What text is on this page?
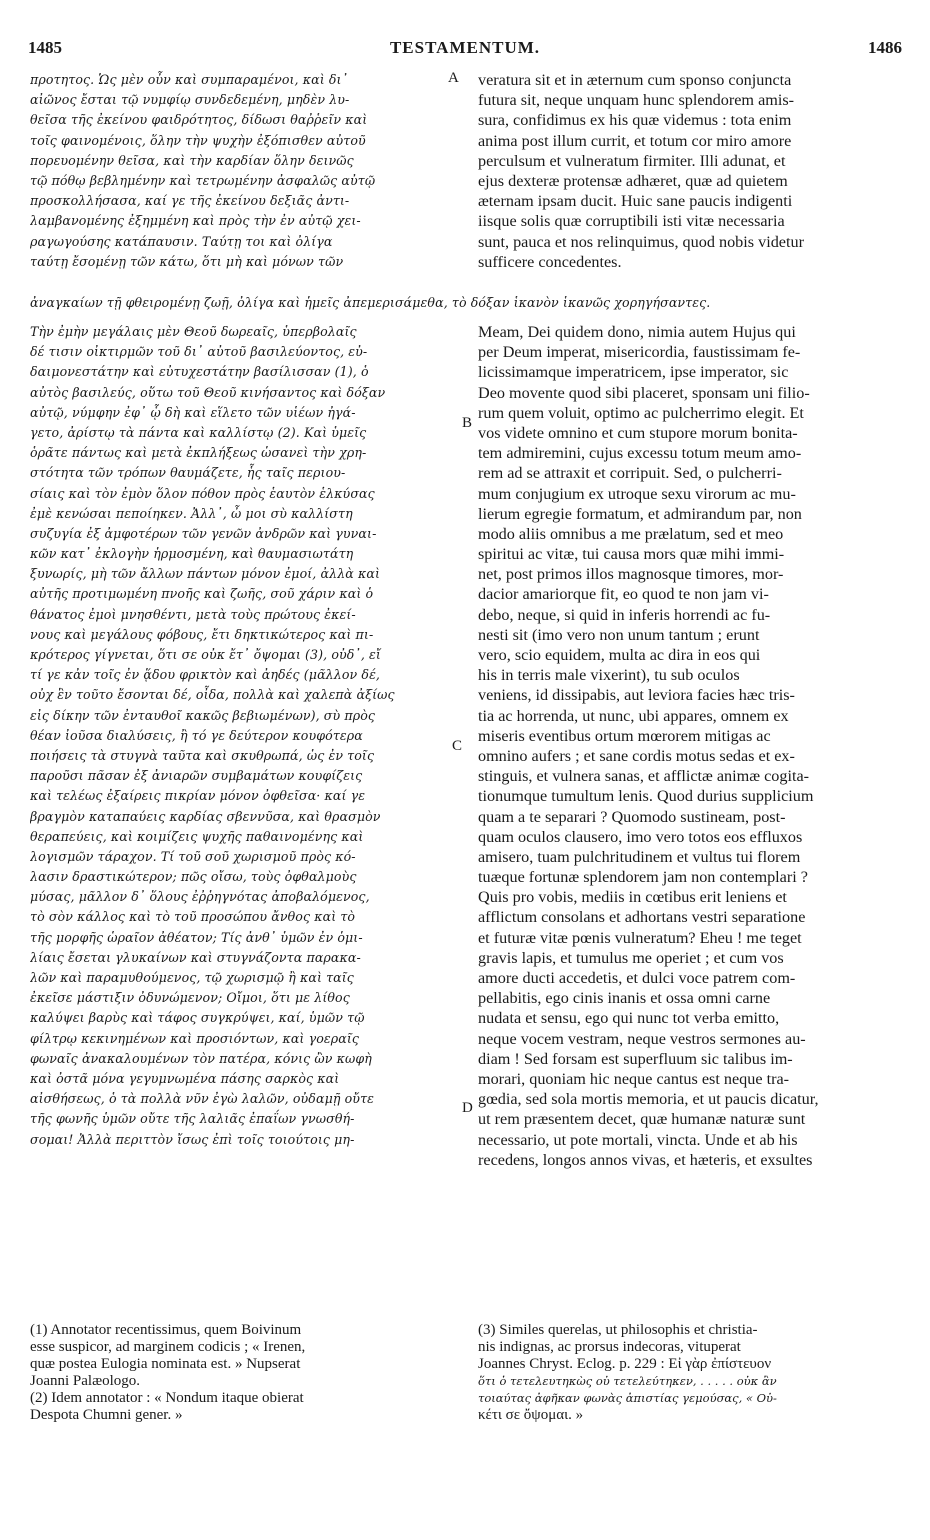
1485	TESTAMENTUM.	1486
προτητος. Ὡς μὲν οὖν καὶ συμπαραμένοι, καὶ δι᾽
αἰῶνος ἔσται τῷ νυμφίῳ συνδεδεμένη, μηδὲν λυ-
θεῖσα τῆς ἐκείνου φαιδρότητος, δίδωσι θαῤῥεῖν καὶ
τοῖς φαινομένοις, ὅλην τὴν ψυχὴν ἐξόπισθεν αὐτοῦ
πορευομένην θεῖσα, καὶ τὴν καρδίαν ὅλην δεινῶς
τῷ πόθῳ βεβλημένην καὶ τετρωμένην ἀσφαλῶς αὐτῷ
προσκολλήσασα, καί γε τῆς ἐκείνου δεξιᾶς ἀντι-
λαμβανομένης ἐξημμένη καὶ πρὸς τὴν ἐν αὐτῷ χει-
ραγωγούσης κατάπαυσιν. Ταύτῃ τοι καὶ ὀλίγα
ταύτῃ ἔσομένῃ τῶν κάτω, ὅτι μὴ καὶ μόνων τῶν
veratura sit et in æternum cum sponso conjuncta
futura sit, neque unquam hunc splendorem amis-
sura, confidimus ex his quæ videmus : tota enim
anima post illum currit, et totum cor miro amore
perculsum et vulneratum firmiter. Illi adunat, et
ejus dexteræ protensæ adhæret, quæ ad quietem
æternam ipsam ducit. Huic sane paucis indigenti
iisque solis quæ corruptibili isti vitæ necessaria
sunt, pauca et nos relinquimus, quod nobis videtur
sufficere concedentes.
ἀναγκαίων τῇ φθειρομένῃ ζωῇ, ὀλίγα καὶ ἡμεῖς ἀπεμερισάμεθα, τὸ δόξαν ἱκανὸν ἱκανῶς χορηγήσαντες.
Τὴν ἐμὴν μεγάλαις μὲν Θεοῦ δωρεαῖς, ὑπερβολαῖς
δέ τισιν οἰκτιρμῶν τοῦ δι᾽ αὐτοῦ βασιλεύοντος, εὐ-
δαιμονεστάτην καὶ εὐτυχεστάτην βασίλισσαν (1), ὁ
αὐτὸς βασιλεύς, οὕτω τοῦ Θεοῦ κινήσαντος καὶ δόξαν
αὐτῷ, νύμφην ἐφ᾽ ᾧ δὴ καὶ εἵλετο τῶν υἱέων ἠγά-
γετο, ἀρίστῳ τὰ πάντα καὶ καλλίστῳ (2). Καὶ ὑμεῖς
ὁρᾶτε πάντως καὶ μετὰ ἐκπλήξεως ὡσανεὶ τὴν χρη-
στότητα τῶν τρόπων θαυμάζετε, ἧς ταῖς περιου-
σίαις καὶ τὸν ἐμὸν ὅλον πόθον πρὸς ἑαυτὸν ἑλκύσας
ἐμὲ κενώσαι πεποίηκεν. Ἀλλ᾽, ὦ μοι σὺ καλλίστη
συζυγία ἐξ ἀμφοτέρων τῶν γενῶν ἀνδρῶν καὶ γυναι-
κῶν κατ᾽ ἐκλογὴν ἡρμοσμένη, καὶ θαυμασιωτάτη
ξυνωρίς, μὴ τῶν ἄλλων πάντων μόνον ἐμοί, ἀλλὰ καὶ
αὐτῆς προτιμωμένη πνοῆς καὶ ζωῆς, σοῦ χάριν καὶ ὁ
θάνατος ἐμοὶ μνησθέντι, μετὰ τοὺς πρώτους ἐκεί-
νους καὶ μεγάλους φόβους, ἔτι δηκτικώτερος καὶ πι-
κρότερος γίγνεται, ὅτι σε οὐκ ἔτ᾽ ὄψομαι (3), οὐδ᾽, εἴ
τί γε κἀν τοῖς ἐν ᾅδου φρικτὸν καὶ ἀηδές (μᾶλλον δέ,
οὐχ ἓν τοῦτο ἔσονται δέ, οἶδα, πολλὰ καὶ χαλεπὰ ἀξίως
εἰς δίκην τῶν ἐνταυθοῖ κακῶς βεβιωμένων), σὺ πρὸς
θέαν ἰοῦσα διαλύσεις, ἢ τό γε δεύτερον κουφότερα
ποιήσεις τὰ στυγνὰ ταῦτα καὶ σκυθρωπά, ὡς ἐν τοῖς
παροῦσι πᾶσαν ἐξ ἀνιαρῶν συμβαμάτων κουφίζεις
καὶ τελέως ἐξαίρεις πικρίαν μόνον ὀφθεῖσα· καί γε
βραγμὸν καταπαύεις καρδίας σβεννῦσα, καὶ θρασμὸν
θεραπεύεις, καὶ κοιμίζεις ψυχῆς παθαινομένης καὶ
λογισμῶν τάραχον. Τί τοῦ σοῦ χωρισμοῦ πρὸς κό-
λασιν δραστικώτερον; πῶς οἴσω, τοὺς ὀφθαλμοὺς
μύσας, μᾶλλον δ᾽ ὅλους ἐῤῥηγνότας ἀποβαλόμενος,
τὸ σὸν κάλλος καὶ τὸ τοῦ προσώπου ἄνθος καὶ τὸ
τῆς μορφῆς ὡραῖον ἀθέατον; Τίς ἀνθ᾽ ὑμῶν ἐν ὁμι-
λίαις ἔσεται γλυκαίνων καὶ στυγνάζοντα παρακα-
λῶν καὶ παραμυθούμενος, τῷ χωρισμῷ ἢ καὶ ταῖς
ἐκεῖσε μάστιξιν ὀδυνώμενον; Οἴμοι, ὅτι με λίθος
καλύψει βαρὺς καὶ τάφος συγκρύψει, καί, ὑμῶν τῷ
φίλτρῳ κεκινημένων καὶ προσιόντων, καὶ γοεραῖς
φωναῖς ἀνακαλουμένων τὸν πατέρα, κόνις ὢν κωφὴ
καὶ ὀστᾶ μόνα γεγυμνωμένα πάσης σαρκὸς καὶ
αἰσθήσεως, ὁ τὰ πολλὰ νῦν ἐγὼ λαλῶν, οὐδαμῇ οὔτε
τῆς φωνῆς ὑμῶν οὔτε τῆς λαλιᾶς ἐπαΐων γνωσθή-
σομαι! Ἀλλὰ περιττὸν ἴσως ἐπὶ τοῖς τοιούτοις μη-
Meam, Dei quidem dono, nimia autem Hujus qui
per Deum imperat, misericordia, faustissimam fe-
licissimamque imperatricem, ipse imperator, sic
Deo movente quod sibi placeret, sponsam uni filio-
rum quem voluit, optimo ac pulcherrimo elegit. Et
vos videte omnino et cum stupore morum bonita-
tem admiremini, cujus excessu totum meum amo-
rem ad se attraxit et corripuit. Sed, o pulcherri-
mum conjugium ex utroque sexu virorum ac mu-
lierum egregie formatum, et admirandum par, non
modo aliis omnibus a me prælatum, sed et meo
spiritui ac vitæ, tui causa mors quæ mihi immi-
net, post primos illos magnosque timores, mor-
dacior amariorque fit, eo quod te non jam vi-
debo, neque, si quid in inferis horrendi ac fu-
nesti sit (imo vero non unum tantum ; erunt
vero, scio equidem, multa ac dira in eos qui
his in terris male vixerint), tu sub oculos
veniens, id dissipabis, aut leviora facies hæc tris-
tia ac horrenda, ut nunc, ubi appares, omnem ex
miseris eventibus ortum mœrorem mitigas ac
omnino aufers ; et sane cordis motus sedas et ex-
stinguis, et vulnera sanas, et afflictæ animæ cogita-
tionumque tumultum lenis. Quod durius supplicium
quam a te separari ? Quomodo sustineam, post-
quam oculos clausero, imo vero totos eos effluxos
amisero, tuam pulchritudinem et vultus tui florem
tuæque fortunæ splendorem jam non contemplari ?
Quis pro vobis, mediis in cœtibus erit leniens et
afflictum consolans et adhortans vestri separatione
et futuræ vitæ pœnis vulneratum? Eheu ! me teget
gravis lapis, et tumulus me operiet ; et cum vos
amore ducti accedetis, et dulci voce patrem com-
pellabitis, ego cinis inanis et ossa omni carne
nudata et sensu, ego qui nunc tot verba emitto,
neque vocem vestram, neque vestros sermones au-
diam ! Sed forsam est superfluum sic talibus im-
morari, quoniam hic neque cantus est neque tra-
gœdia, sed sola mortis memoria, et ut paucis dicatur,
ut rem præsentem decet, quæ humanæ naturæ sunt
necessario, ut pote mortali, vincta. Unde et ab his
recedens, longos annos vivas, et hæteris, et exsultes
A
B
C
D
(1) Annotator recentissimus, quem Boivinum
esse suspicor, ad marginem codicis ; « Irenen,
quæ postea Eulogia nominata est. » Nupserat
Joanni Palæologo.
(2) Idem annotator : « Nondum itaque obierat
Despota Chumni gener. »
(3) Similes querelas, ut philosophis et christia-
nis indignas, ac prorsus indecoras, vituperat
Joannes Chryst. Eclog. p. 229 : Εἰ γὰρ ἐπίστευον
ὅτι ὁ τετελευτηκὼς οὐ τετελεύτηκεν, . . . . . οὐκ ἂν
τοιαύτας ἀφῆκαν φωνὰς ἀπιστίας γεμούσας, « Οὐ-
κέτι σε ὄψομαι. »
